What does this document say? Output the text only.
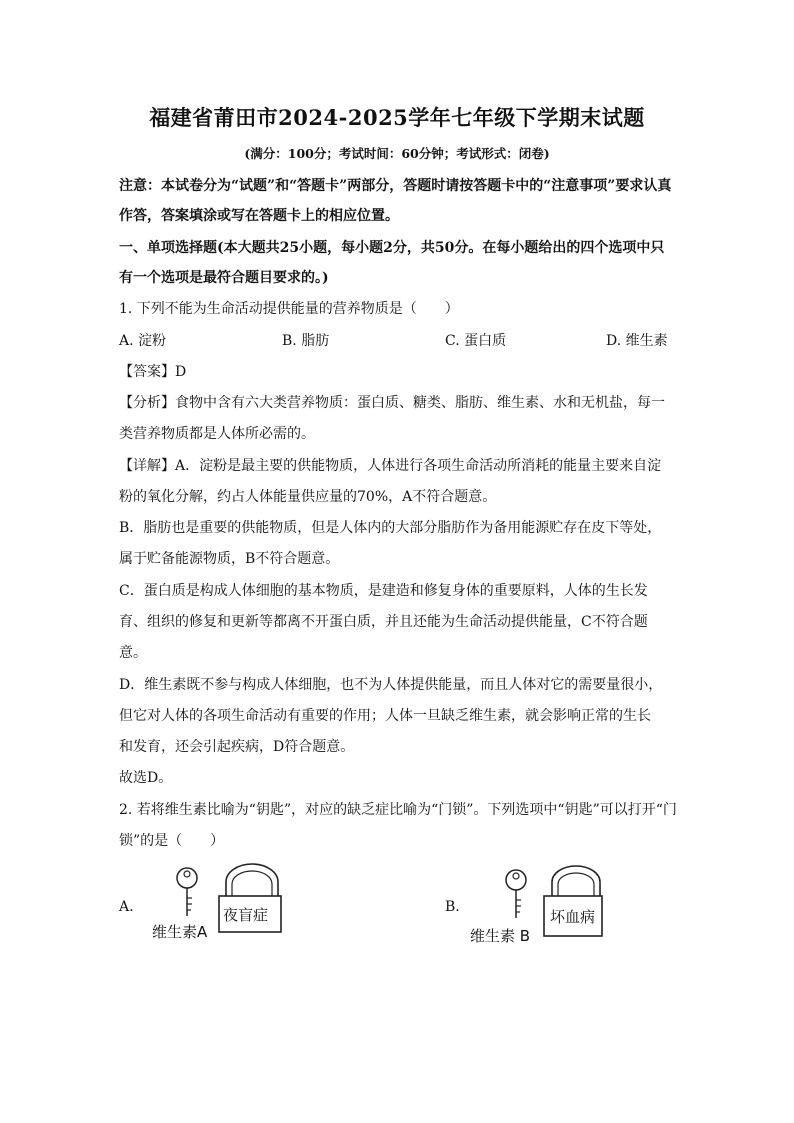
福建省莆田市2024-2025学年七年级下学期末试题
(满分：100分；考试时间：60分钟；考试形式：闭卷)
注意：本试卷分为“试题”和“答题卡”两部分，答题时请按答题卡中的“注意事项”要求认真
作答，答案填涂或写在答题卡上的相应位置。
一、单项选择题(本大题共25小题，每小题2分，共50分。在每小题给出的四个选项中只
有一个选项是最符合题目要求的。)
1. 下列不能为生命活动提供能量的营养物质是（　　）
A. 淀粉	B. 脂肪	C. 蛋白质	D. 维生素
【答案】D
【分析】食物中含有六大类营养物质：蛋白质、糖类、脂肪、维生素、水和无机盐，每一
类营养物质都是人体所必需的。
【详解】A．淀粉是最主要的供能物质，人体进行各项生命活动所消耗的能量主要来自淀
粉的氧化分解，约占人体能量供应量的70%，A不符合题意。
B．脂肪也是重要的供能物质，但是人体内的大部分脂肪作为备用能源贮存在皮下等处，
属于贮备能源物质，B不符合题意。
C．蛋白质是构成人体细胞的基本物质，是建造和修复身体的重要原料，人体的生长发
育、组织的修复和更新等都离不开蛋白质，并且还能为生命活动提供能量，C不符合题
意。
D．维生素既不参与构成人体细胞，也不为人体提供能量，而且人体对它的需要量很小，
但它对人体的各项生命活动有重要的作用；人体一旦缺乏维生素，就会影响正常的生长
和发育，还会引起疾病，D符合题意。
故选D。
2. 若将维生素比喻为“钥匙”，对应的缺乏症比喻为“门锁”。下列选项中“钥匙”可以打开“门
锁”的是（　　）
A.	夜盲症
维生素A
B.
坏血病
维生素 B
